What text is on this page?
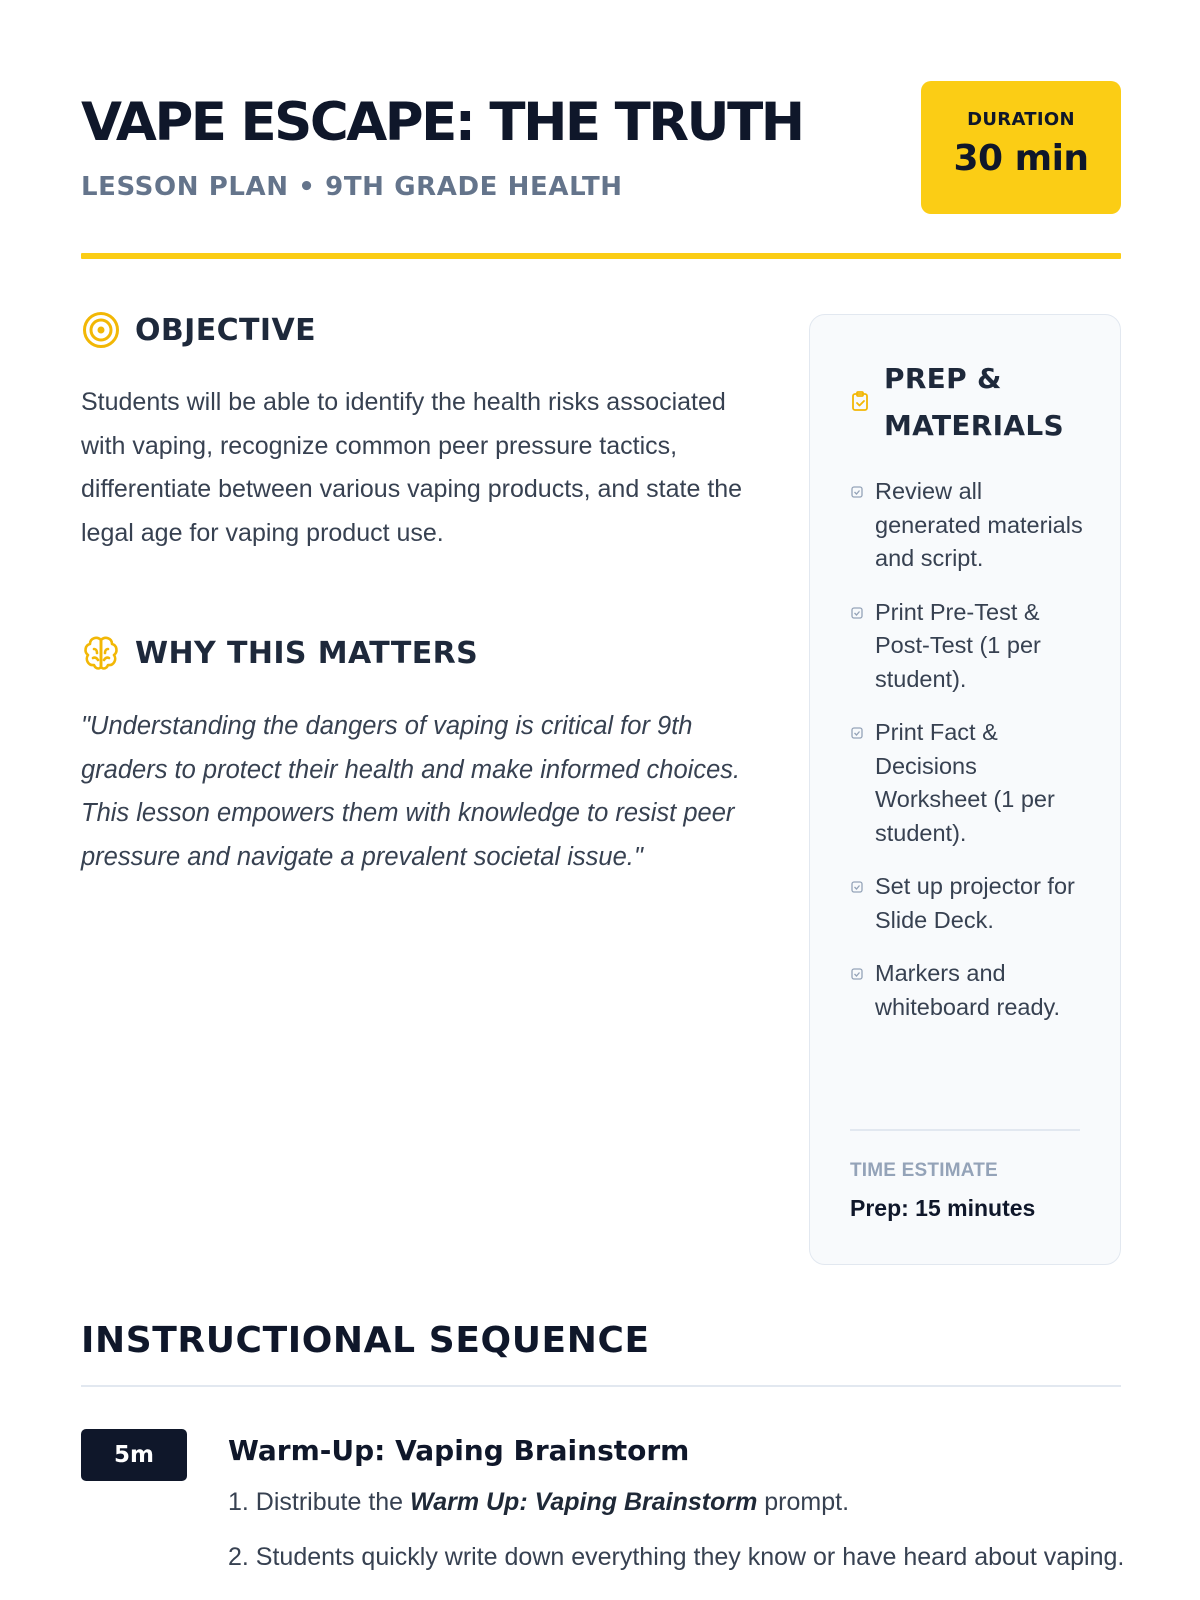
VAPE ESCAPE: THE TRUTH
LESSON PLAN • 9TH GRADE HEALTH
DURATION
30 min
OBJECTIVE

Students will be able to identify the health risks associated with vaping, recognize common peer pressure tactics, differentiate between various vaping products, and state the legal age for vaping product use.

WHY THIS MATTERS

"Understanding the dangers of vaping is critical for 9th graders to protect their health and make informed choices. This lesson empowers them with knowledge to resist peer pressure and navigate a prevalent societal issue."

PREP & MATERIALS
Review all generated materials and script.
Print Pre-Test & Post-Test (1 per student).
Print Fact & Decisions Worksheet (1 per student).
Set up projector for Slide Deck.
Markers and whiteboard ready.
TIME ESTIMATE
Prep: 15 minutes
INSTRUCTIONAL SEQUENCE
5m	Warm-Up: Vaping Brainstorm

1. Distribute the Warm Up: Vaping Brainstorm prompt.

2. Students quickly write down everything they know or have heard about vaping.
